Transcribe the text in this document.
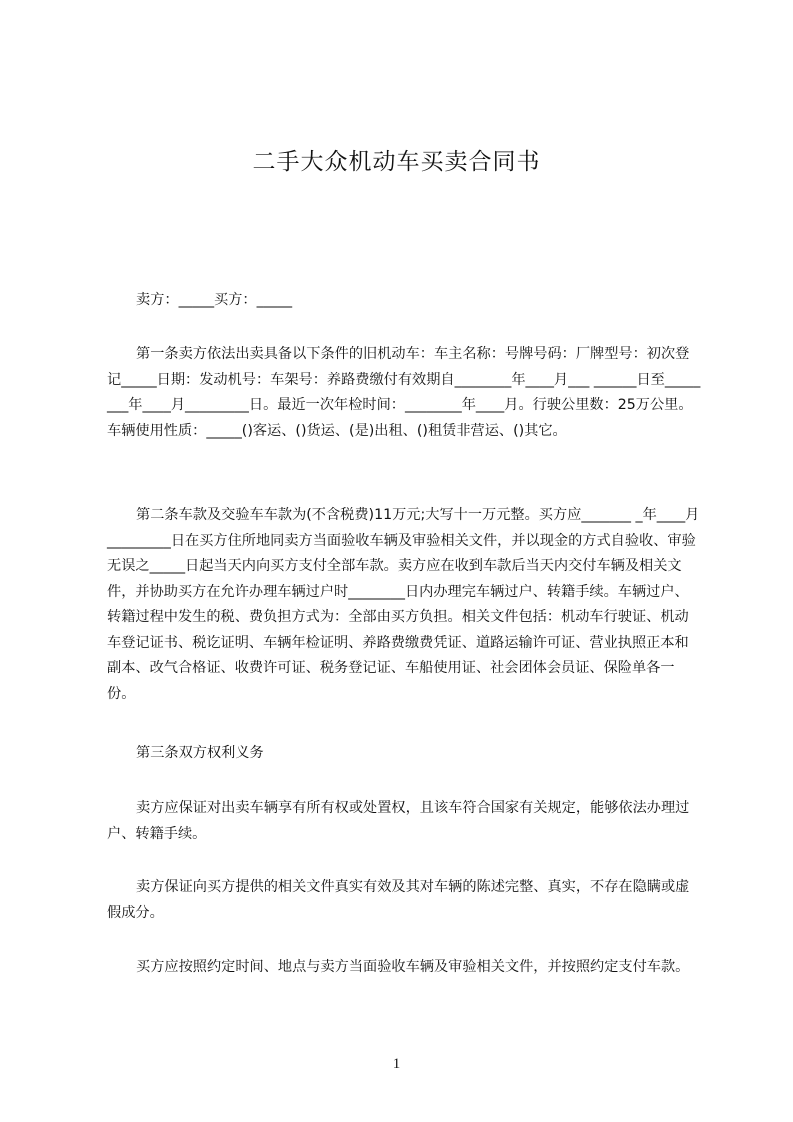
二手大众机动车买卖合同书
卖方：_____买方：_____
第一条卖方依法出卖具备以下条件的旧机动车：车主名称：号牌号码：厂牌型号：初次登记_____日期：发动机号：车架号：养路费缴付有效期自________年____月___ ______日至________年____月_________日。最近一次年检时间：________年____月。行驶公里数：25万公里。车辆使用性质：_____()客运、()货运、(是)出租、()租赁非营运、()其它。
第二条车款及交验车车款为(不含税费)11万元;大写十一万元整。买方应_______ _年____月_________日在买方住所地同卖方当面验收车辆及审验相关文件，并以现金的方式自验收、审验无误之_____日起当天内向买方支付全部车款。卖方应在收到车款后当天内交付车辆及相关文件，并协助买方在允许办理车辆过户时________日内办理完车辆过户、转籍手续。车辆过户、转籍过程中发生的税、费负担方式为：全部由买方负担。相关文件包括：机动车行驶证、机动车登记证书、税讫证明、车辆年检证明、养路费缴费凭证、道路运输许可证、营业执照正本和副本、改气合格证、收费许可证、税务登记证、车船使用证、社会团体会员证、保险单各一份。
第三条双方权利义务
卖方应保证对出卖车辆享有所有权或处置权，且该车符合国家有关规定，能够依法办理过户、转籍手续。
卖方保证向买方提供的相关文件真实有效及其对车辆的陈述完整、真实，不存在隐瞒或虚假成分。
买方应按照约定时间、地点与卖方当面验收车辆及审验相关文件，并按照约定支付车款。
1
